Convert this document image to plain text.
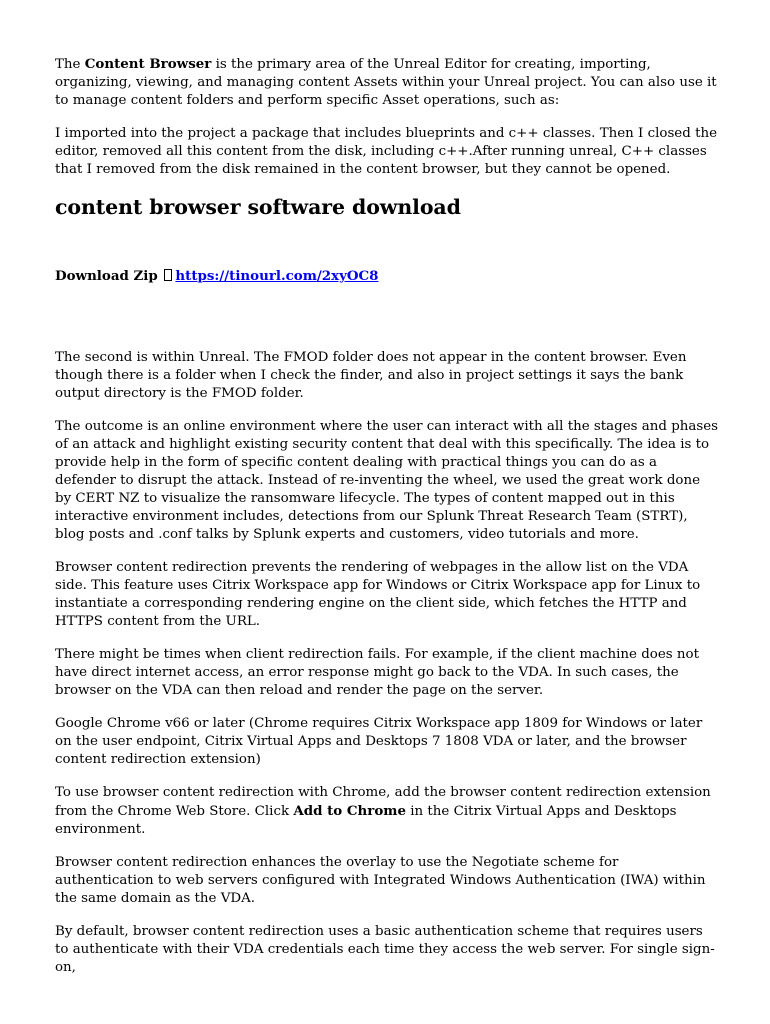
The Content Browser is the primary area of the Unreal Editor for creating, importing, organizing, viewing, and managing content Assets within your Unreal project. You can also use it to manage content folders and perform specific Asset operations, such as:

I imported into the project a package that includes blueprints and c++ classes. Then I closed the editor, removed all this content from the disk, including c++.After running unreal, C++ classes that I removed from the disk remained in the content browser, but they cannot be opened.

content browser software download
Download Zip https://tinourl.com/2xyOC8

The second is within Unreal. The FMOD folder does not appear in the content browser. Even though there is a folder when I check the finder, and also in project settings it says the bank output directory is the FMOD folder.

The outcome is an online environment where the user can interact with all the stages and phases of an attack and highlight existing security content that deal with this specifically. The idea is to provide help in the form of specific content dealing with practical things you can do as a defender to disrupt the attack. Instead of re-inventing the wheel, we used the great work done by CERT NZ to visualize the ransomware lifecycle. The types of content mapped out in this interactive environment includes, detections from our Splunk Threat Research Team (STRT), blog posts and .conf talks by Splunk experts and customers, video tutorials and more.

Browser content redirection prevents the rendering of webpages in the allow list on the VDA side. This feature uses Citrix Workspace app for Windows or Citrix Workspace app for Linux to instantiate a corresponding rendering engine on the client side, which fetches the HTTP and HTTPS content from the URL.

There might be times when client redirection fails. For example, if the client machine does not have direct internet access, an error response might go back to the VDA. In such cases, the browser on the VDA can then reload and render the page on the server.

Google Chrome v66 or later (Chrome requires Citrix Workspace app 1809 for Windows or later on the user endpoint, Citrix Virtual Apps and Desktops 7 1808 VDA or later, and the browser content redirection extension)

To use browser content redirection with Chrome, add the browser content redirection extension from the Chrome Web Store. Click Add to Chrome in the Citrix Virtual Apps and Desktops environment.

Browser content redirection enhances the overlay to use the Negotiate scheme for authentication to web servers configured with Integrated Windows Authentication (IWA) within the same domain as the VDA.

By default, browser content redirection uses a basic authentication scheme that requires users to authenticate with their VDA credentials each time they access the web server. For single sign-on,
